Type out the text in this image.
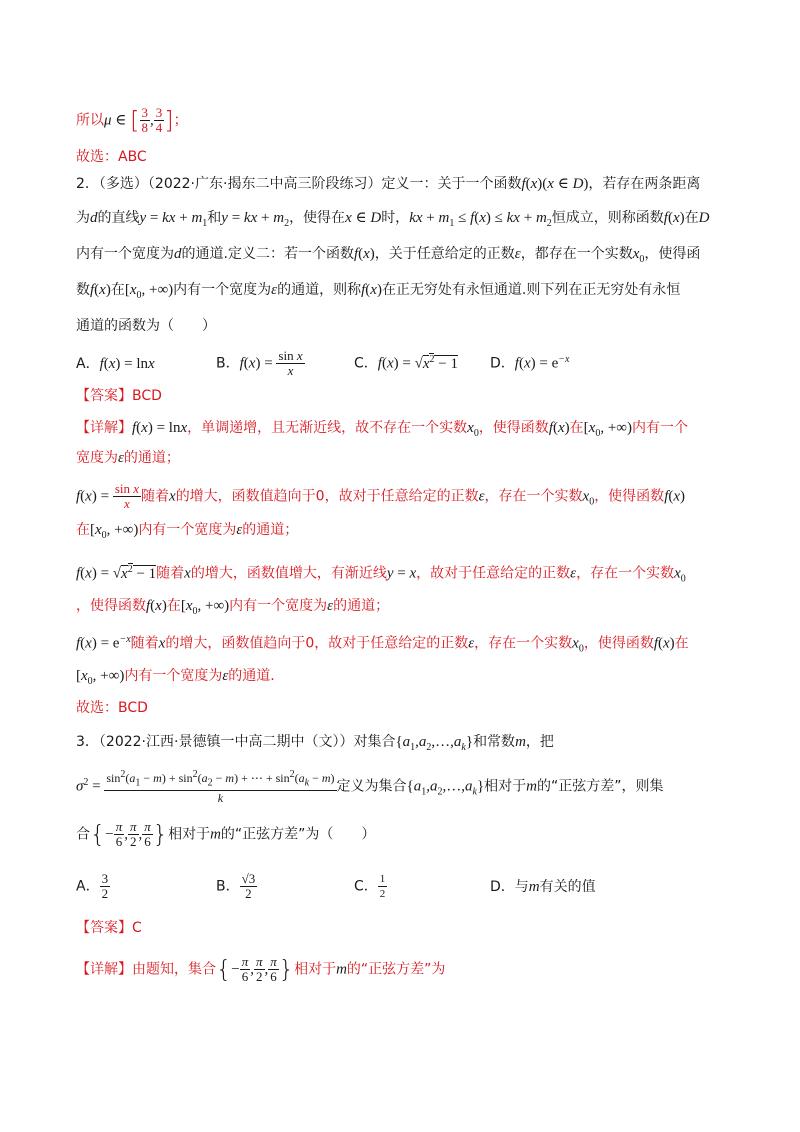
所以μ ∈ [ $\frac{3}{8}$ , $\frac{3}{4}$ ]；
故选：ABC
2．（多选）（2022·广东·揭东二中高三阶段练习）定义一：关于一个函数f(x)(x ∈ D)，若存在两条距离
为d的直线y = kx + $m_1$和y = kx + $m_2$，使得在x ∈ D时，kx + $m_1 \le f(x)$ ≤ kx + $m_2$恒成立，则称函数f(x)在D
内有一个宽度为d的通道.定义二：若一个函数f(x)，关于任意给定的正数ε，都存在一个实数$x_0$，使得函
数f(x)在[$x_0$, +∞)内有一个宽度为ε的通道，则称f(x)在正无穷处有永恒通道.则下列在正无穷处有永恒
通道的函数为（　　）
A．f(x) = lnx	B．$f(x) = \frac{\text{sin x}}{x}$	C．$f(x) = √x^2 - 1$ D．$f(x) = e^{-x}$
【答案】BCD
【详解】f(x) = lnx，单调递增，且无渐近线，故不存在一个实数$x_0$，使得函数f(x)在[$x_0$, +∞)内有一个
宽度为ε的通道；
$f(x) = \frac{\text{sin x}}{x}$ 随着x的增大，函数值趋向于0，故对于任意给定的正数ε，存在一个实数$x_0$，使得函数f(x)
在[$x_0$, +∞)内有一个宽度为ε的通道；
$f(x) = √x^2 - 1$随着x的增大，函数值增大，有渐近线y = x，故对于任意给定的正数ε，存在一个实数$x_0$
，使得函数f(x)在[$x_0$, +∞)内有一个宽度为ε的通道；
$f(x) = e^{-x}$随着x的增大，函数值趋向于0，故对于任意给定的正数ε，存在一个实数$x_0$，使得函数f(x)在
[$x_0$, +∞)内有一个宽度为ε的通道.
故选：BCD
3．（2022·江西·景德镇一中高二期中（文））对集合$\{a_1,a_2,\dots,a_k\}$和常数m，把
$\sigma^2 = \frac{\sin^2(a_1 - m) + \sin^2(a_2 - m) + \cdots + \sin^2(a_k - m)}{k}$ 定义为集合$\{a_1,a_2,\dots,a_k\}$相对于m的“正弦方差”，则集
合{− $\frac{\pi}{6}$ , $\frac{\pi}{2}$ , $\frac{\pi}{6}$ }相对于m的“正弦方差”为（　　）
A． $\frac{3}{2}$	B． $\frac{√3}{2}$	C． $\frac{1}{2}$	D．与m有关的值
【答案】C
【详解】由题知，集合{− $\frac{\pi}{6}$ , $\frac{\pi}{2}$ , $\frac{\pi}{6}$ }相对于m的“正弦方差”为
